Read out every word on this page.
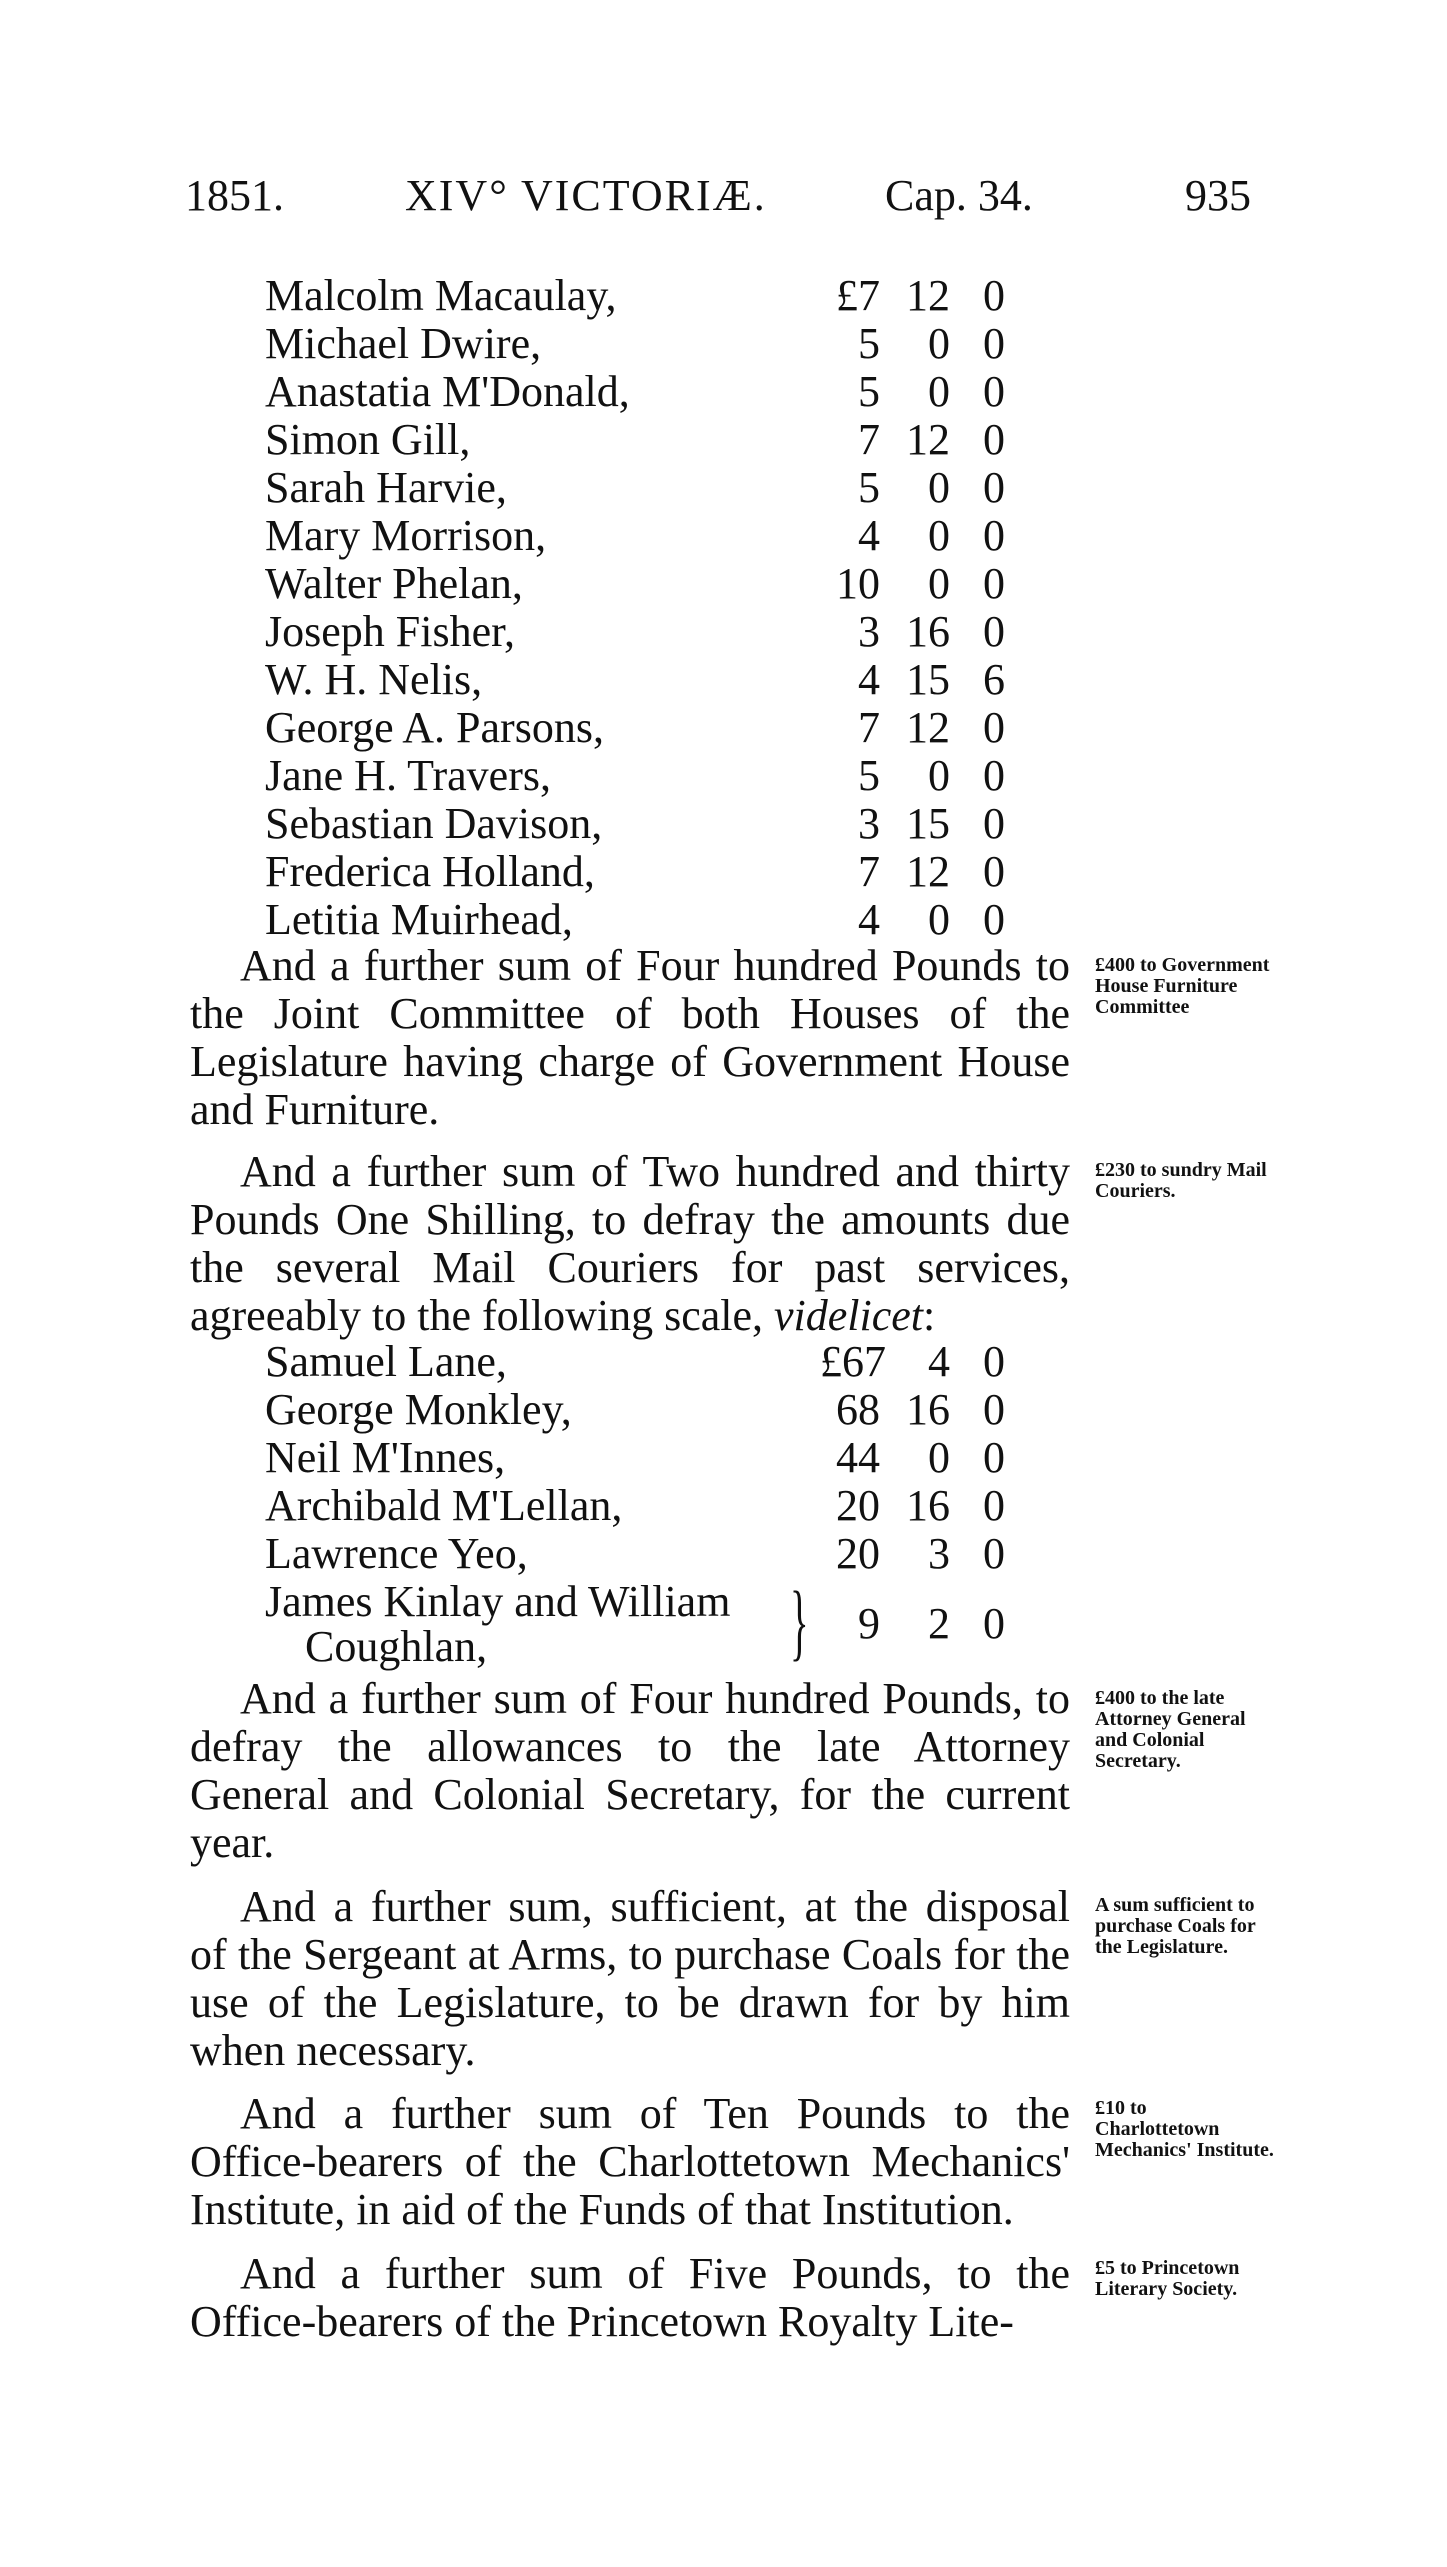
1851.	XIV° VICTORIÆ.	Cap. 34.	935
Malcolm Macaulay,	£7 12 0
Michael Dwire,	5	0 0
Anastatia M'Donald,	5	0 0
Simon Gill,	7 12 0
Sarah Harvie,	5	0 0
Mary Morrison,	4	0 0
Walter Phelan,	10	0 0
Joseph Fisher,	3 16 0
W. H. Nelis,	4 15 6
George A. Parsons,	7 12 0
Jane H. Travers,	5	0 0
Sebastian Davison,	3 15 0
Frederica Holland,	7 12 0
Letitia Muirhead,	4	0 0
And a further sum of Four hundred Pounds to the Joint Committee of both Houses of the Legislature having charge of Government House and Furniture.
And a further sum of Two hundred and thirty Pounds One Shilling, to defray the amounts due the several Mail Couriers for past services, agreeably to the following scale, videlicet:
Samuel Lane,	£67 4 0
George Monkley,	68 16 0
Neil M'Innes,	44	0 0
Archibald M'Lellan,	20 16 0
Lawrence Yeo,	20	3 0
James Kinlay and William
Coughlan,	}	9	2 0
And a further sum of Four hundred Pounds, to defray the allowances to the late Attorney General and Colonial Secretary, for the current year.
And a further sum, sufficient, at the disposal of the Sergeant at Arms, to purchase Coals for the use of the Legislature, to be drawn for by him when necessary.
And a further sum of Ten Pounds to the Office-bearers of the Charlottetown Mechanics' Institute, in aid of the Funds of that Institution.
And a further sum of Five Pounds, to the Office-bearers of the Princetown Royalty Lite-
£400 to Government House Furniture Committee
£230 to sundry Mail Couriers.
£400 to the late Attorney General and Colonial Secretary.
A sum sufficient to purchase Coals for the Legislature.
£10 to Charlottetown Mechanics' Institute.
£5 to Princetown Literary Society.
